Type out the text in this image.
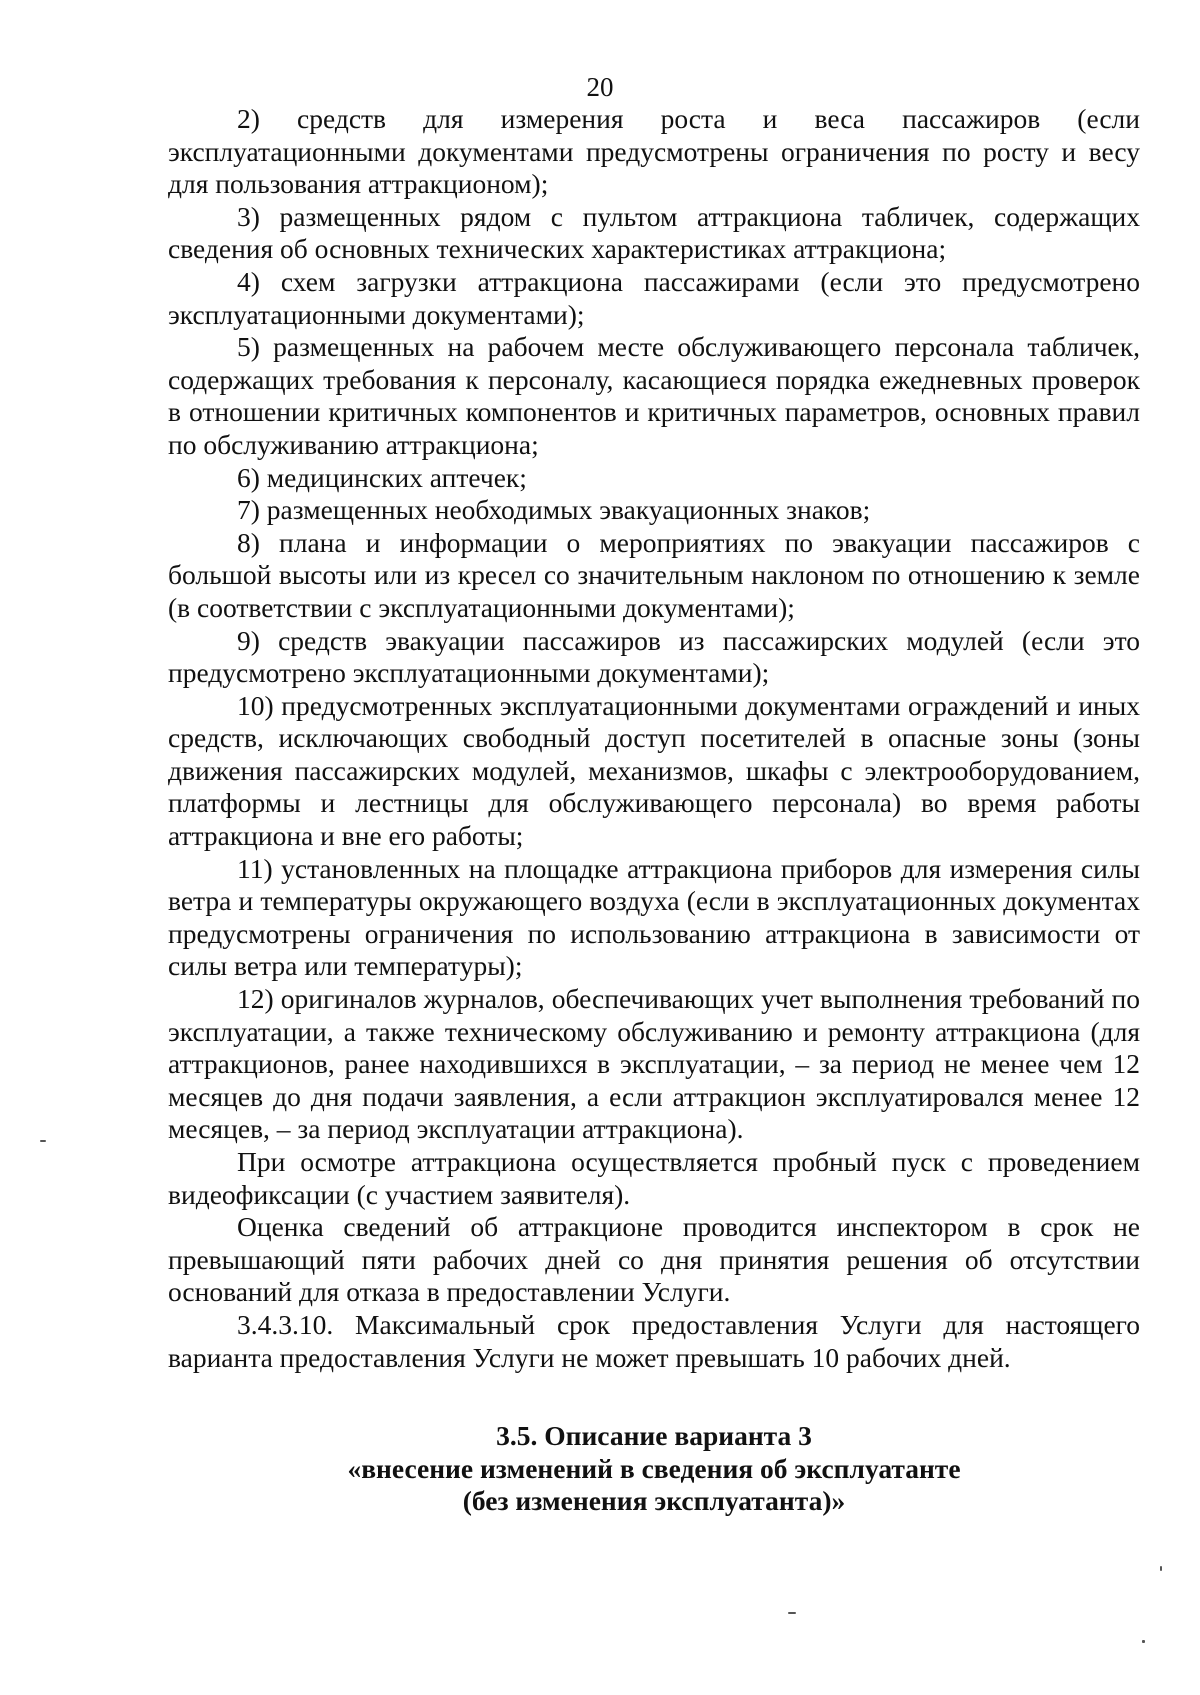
20

2) средств для измерения роста и веса пассажиров (если эксплуатационными документами предусмотрены ограничения по росту и весу для пользования аттракционом);

3) размещенных рядом с пультом аттракциона табличек, содержащих сведения об основных технических характеристиках аттракциона;

4) схем загрузки аттракциона пассажирами (если это предусмотрено эксплуатационными документами);

5) размещенных на рабочем месте обслуживающего персонала табличек, содержащих требования к персоналу, касающиеся порядка ежедневных проверок в отношении критичных компонентов и критичных параметров, основных правил по обслуживанию аттракциона;

6) медицинских аптечек;

7) размещенных необходимых эвакуационных знаков;

8) плана и информации о мероприятиях по эвакуации пассажиров с большой высоты или из кресел со значительным наклоном по отношению к земле (в соответствии с эксплуатационными документами);

9) средств эвакуации пассажиров из пассажирских модулей (если это предусмотрено эксплуатационными документами);

10) предусмотренных эксплуатационными документами ограждений и иных средств, исключающих свободный доступ посетителей в опасные зоны (зоны движения пассажирских модулей, механизмов, шкафы с электрооборудованием, платформы и лестницы для обслуживающего персонала) во время работы аттракциона и вне его работы;

11) установленных на площадке аттракциона приборов для измерения силы ветра и температуры окружающего воздуха (если в эксплуатационных документах предусмотрены ограничения по использованию аттракциона в зависимости от силы ветра или температуры);

12) оригиналов журналов, обеспечивающих учет выполнения требований по эксплуатации, а также техническому обслуживанию и ремонту аттракциона (для аттракционов, ранее находившихся в эксплуатации, – за период не менее чем 12 месяцев до дня подачи заявления, а если аттракцион эксплуатировался менее 12 месяцев, – за период эксплуатации аттракциона).

При осмотре аттракциона осуществляется пробный пуск с проведением видеофиксации (с участием заявителя).

Оценка сведений об аттракционе проводится инспектором в срок не превышающий пяти рабочих дней со дня принятия решения об отсутствии оснований для отказа в предоставлении Услуги.

3.4.3.10. Максимальный срок предоставления Услуги для настоящего варианта предоставления Услуги не может превышать 10 рабочих дней.

3.5. Описание варианта 3
«внесение изменений в сведения об эксплуатанте
(без изменения эксплуатанта)»
